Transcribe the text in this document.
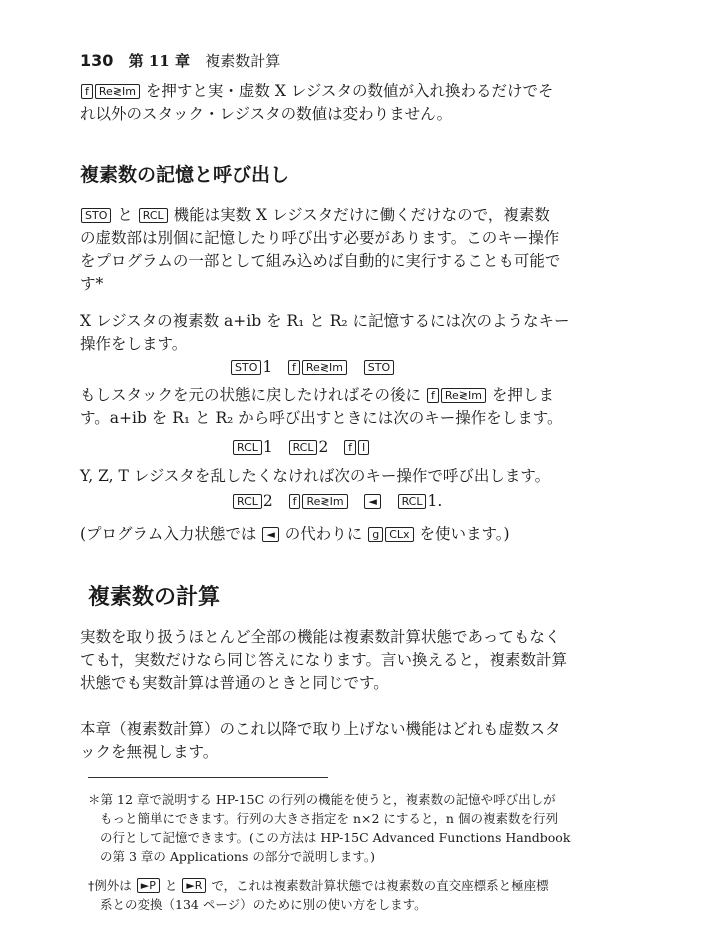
130 第 11 章 複素数計算
f Re≷Im を押すと実・虚数 X レジスタの数値が入れ換わるだけでそ
れ以外のスタック・レジスタの数値は変わりません。
複素数の記憶と呼び出し
STO と RCL 機能は実数 X レジスタだけに働くだけなので，複素数
の虚数部は別個に記憶したり呼び出す必要があります。このキー操作
をプログラムの一部として組み込めば自動的に実行することも可能で
す*
X レジスタの複素数 a+ib を R₁ と R₂ に記憶するには次のようなキー
操作をします。
STO 1 f Re≷Im STO
もしスタックを元の状態に戻したければその後に f Re≷Im を押しま
す。a+ib を R₁ と R₂ から呼び出すときには次のキー操作をします。
RCL 1 RCL 2 f I
Y, Z, T レジスタを乱したくなければ次のキー操作で呼び出します。
RCL 2 f Re≷Im ◄ RCL 1.
(プログラム入力状態では ◄ の代わりに g CLx を使います。)
複素数の計算
実数を取り扱うほとんど全部の機能は複素数計算状態であってもなく
ても†，実数だけなら同じ答えになります。言い換えると，複素数計算
状態でも実数計算は普通のときと同じです。
本章（複素数計算）のこれ以降で取り上げない機能はどれも虚数スタ
ックを無視します。
＊第 12 章で説明する HP-15C の行列の機能を使うと，複素数の記憶や呼び出しが
もっと簡単にできます。行列の大きさ指定を n×2 にすると，n 個の複素数を行列
の行として記憶できます。(この方法は HP-15C Advanced Functions Handbook
の第 3 章の Applications の部分で説明します。)
†例外は ►P と ►R で，これは複素数計算状態では複素数の直交座標系と極座標
系との変換（134 ページ）のために別の使い方をします。
